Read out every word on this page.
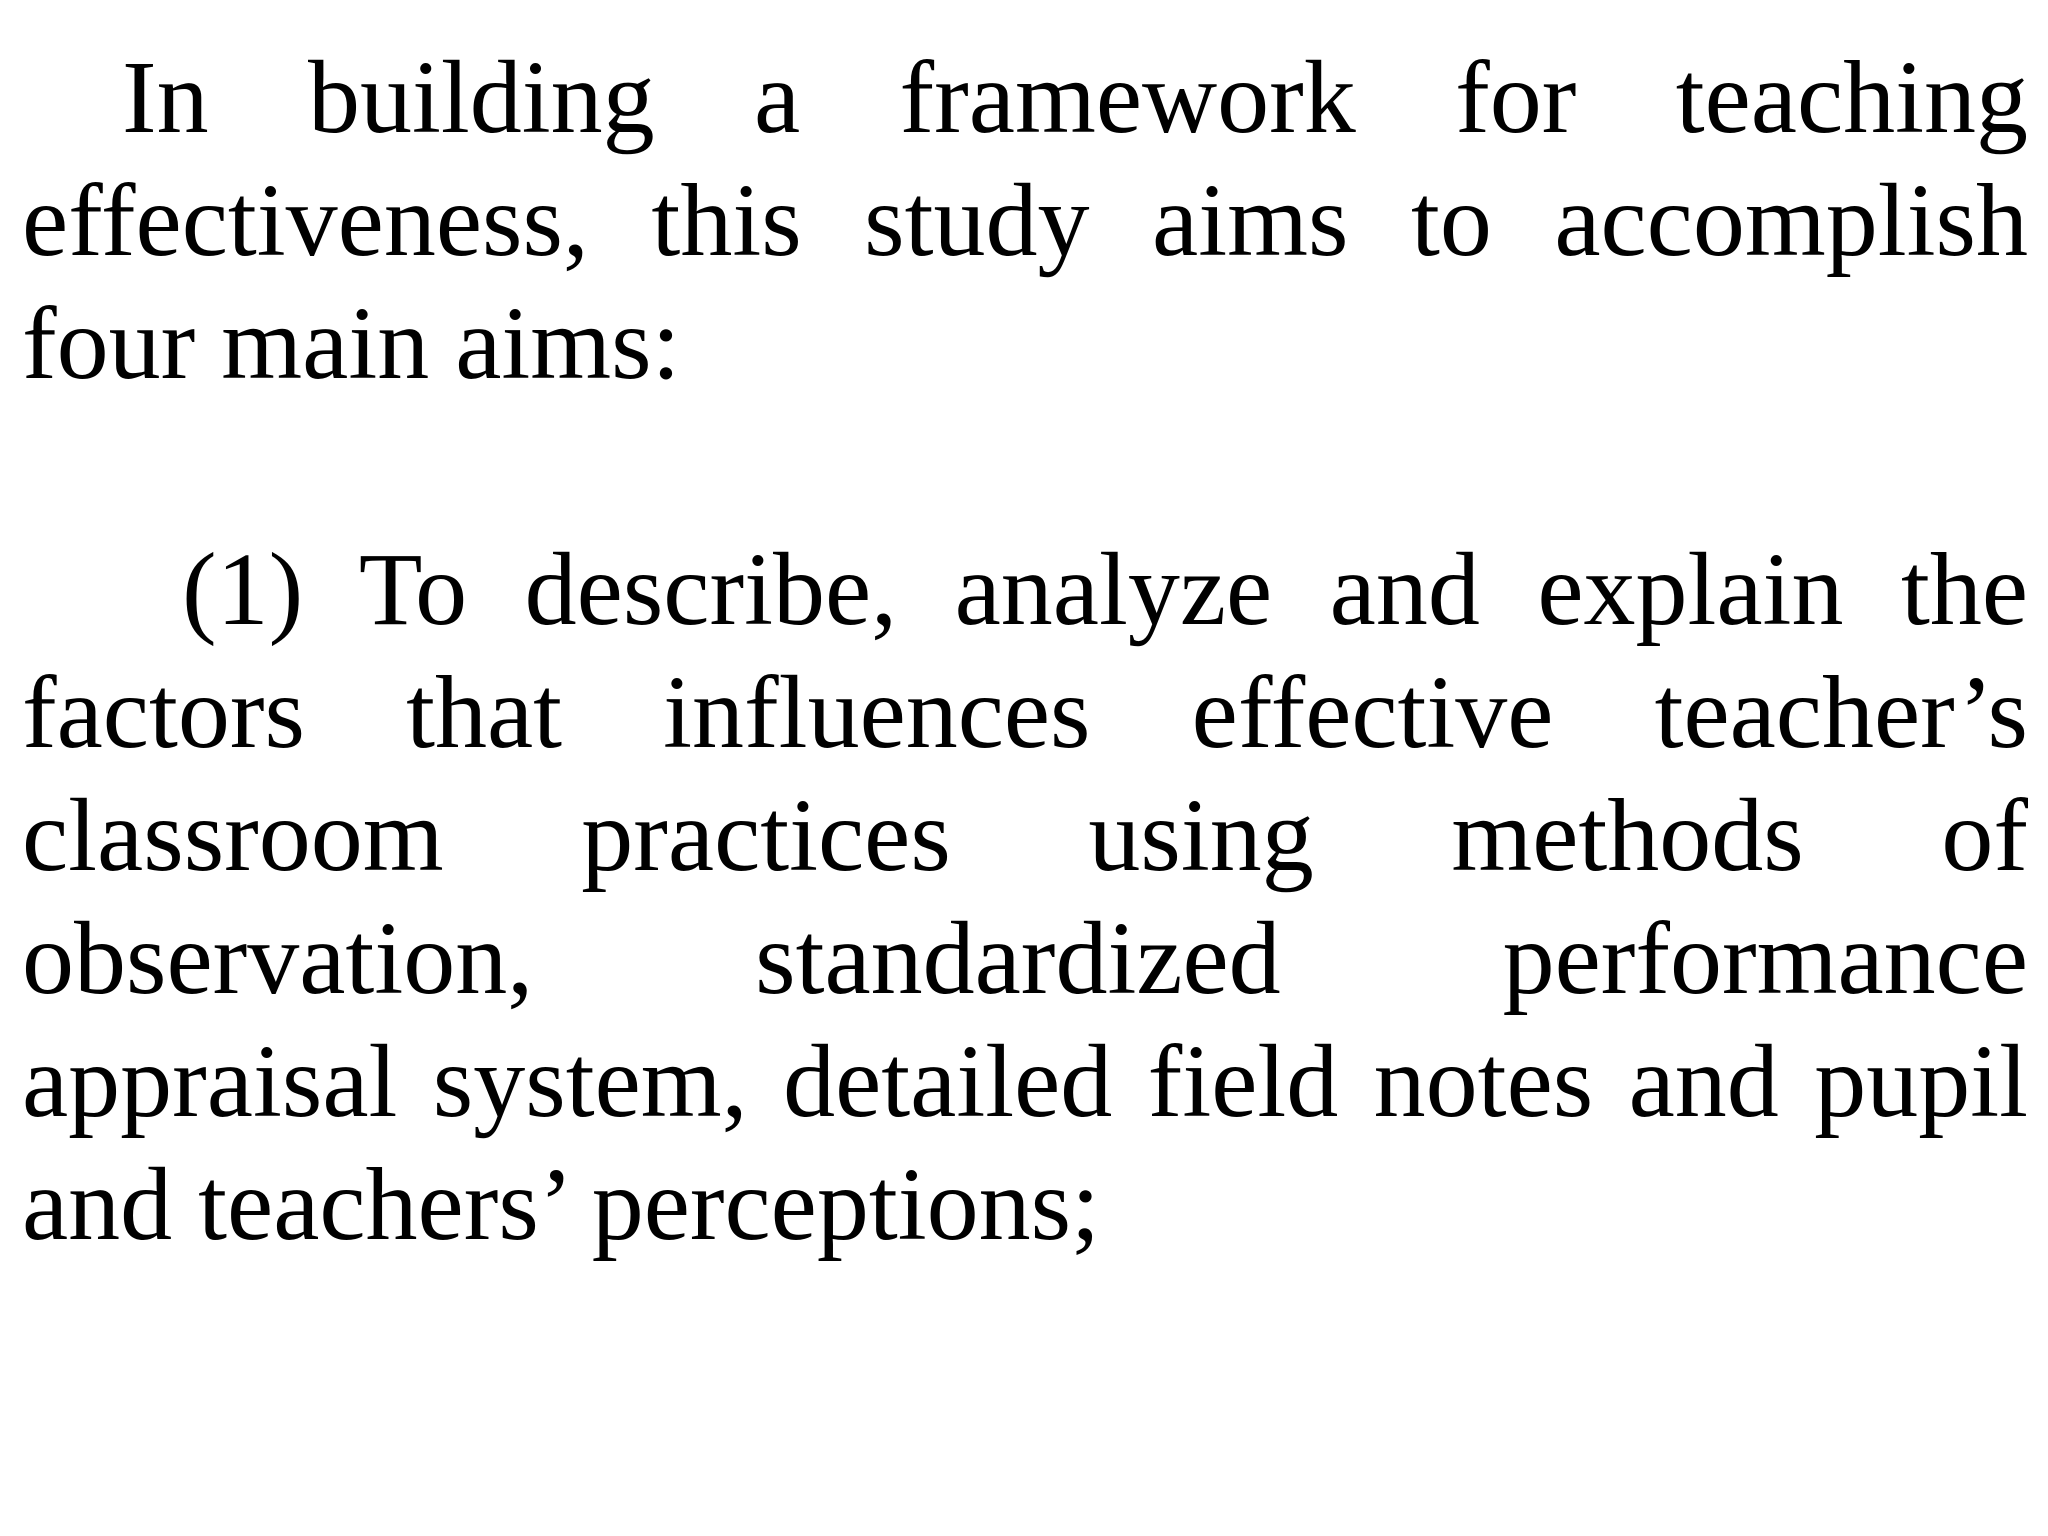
In building a framework for teaching effectiveness, this study aims to accomplish four main aims:

(1) To describe, analyze and explain the factors that influences effective teacher’s classroom practices using methods of observation, standardized performance appraisal system, detailed field notes and pupil and teachers’ perceptions;
